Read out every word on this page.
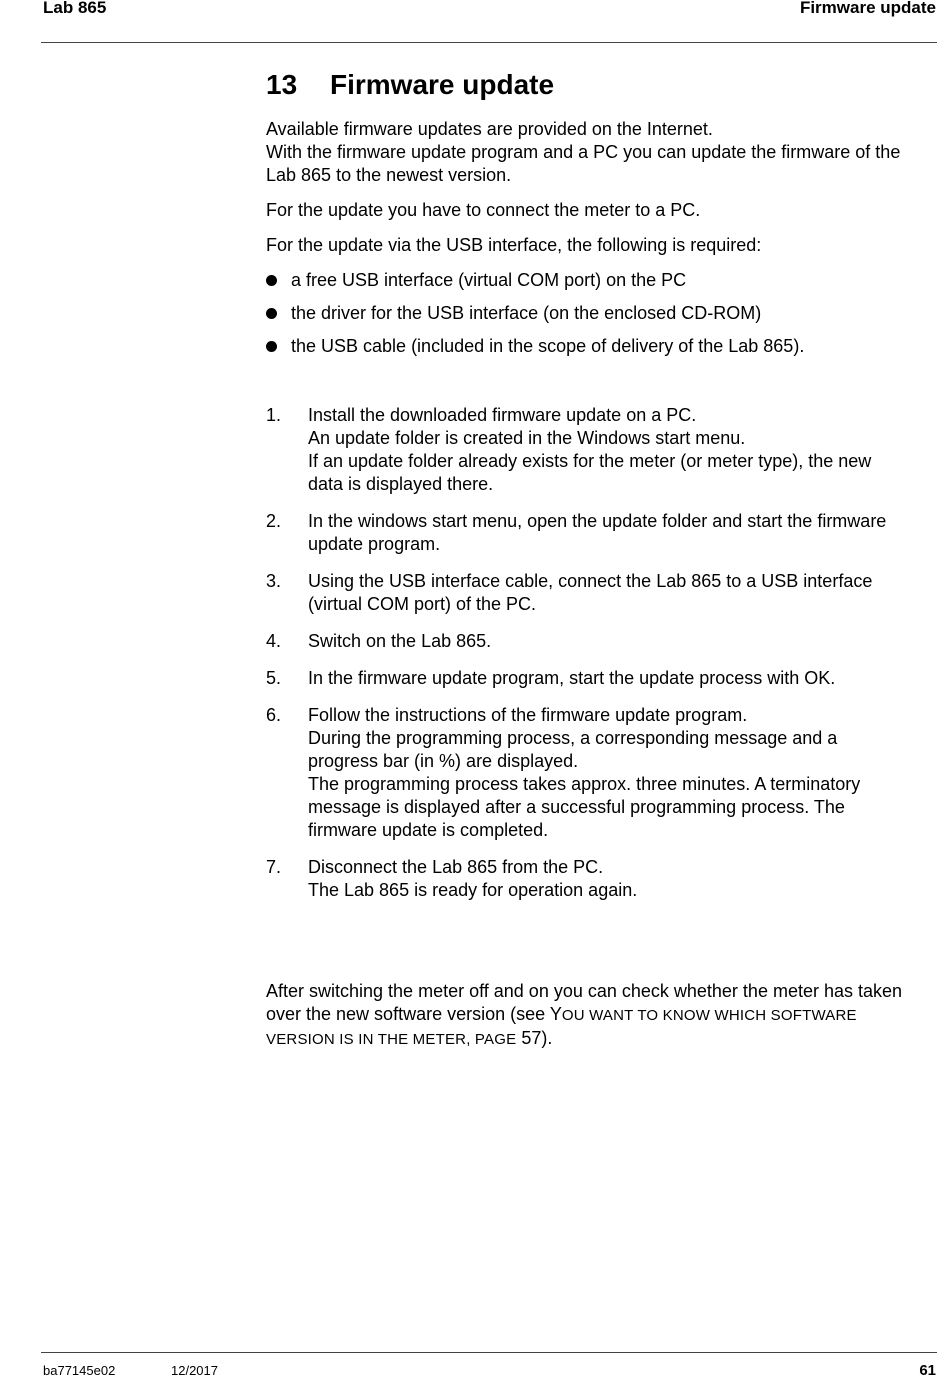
Lab 865	Firmware update
13 Firmware update

Available firmware updates are provided on the Internet.
With the firmware update program and a PC you can update the firmware of the
Lab 865 to the newest version.

For the update you have to connect the meter to a PC.

For the update via the USB interface, the following is required:

a free USB interface (virtual COM port) on the PC
the driver for the USB interface (on the enclosed CD-ROM)
the USB cable (included in the scope of delivery of the Lab 865).
1. Install the downloaded firmware update on a PC.
An update folder is created in the Windows start menu.
If an update folder already exists for the meter (or meter type), the new
data is displayed there.
2. In the windows start menu, open the update folder and start the firmware
update program.
3. Using the USB interface cable, connect the Lab 865 to a USB interface
(virtual COM port) of the PC.
4. Switch on the Lab 865.
5. In the firmware update program, start the update process with OK.
6. Follow the instructions of the firmware update program.
During the programming process, a corresponding message and a
progress bar (in %) are displayed.
The programming process takes approx. three minutes. A terminatory
message is displayed after a successful programming process. The
firmware update is completed.
7. Disconnect the Lab 865 from the PC.
The Lab 865 is ready for operation again.

After switching the meter off and on you can check whether the meter has taken
over the new software version (see YOU WANT TO KNOW WHICH SOFTWARE
VERSION IS IN THE METER, PAGE 57).

ba77145e02	12/2017	61
